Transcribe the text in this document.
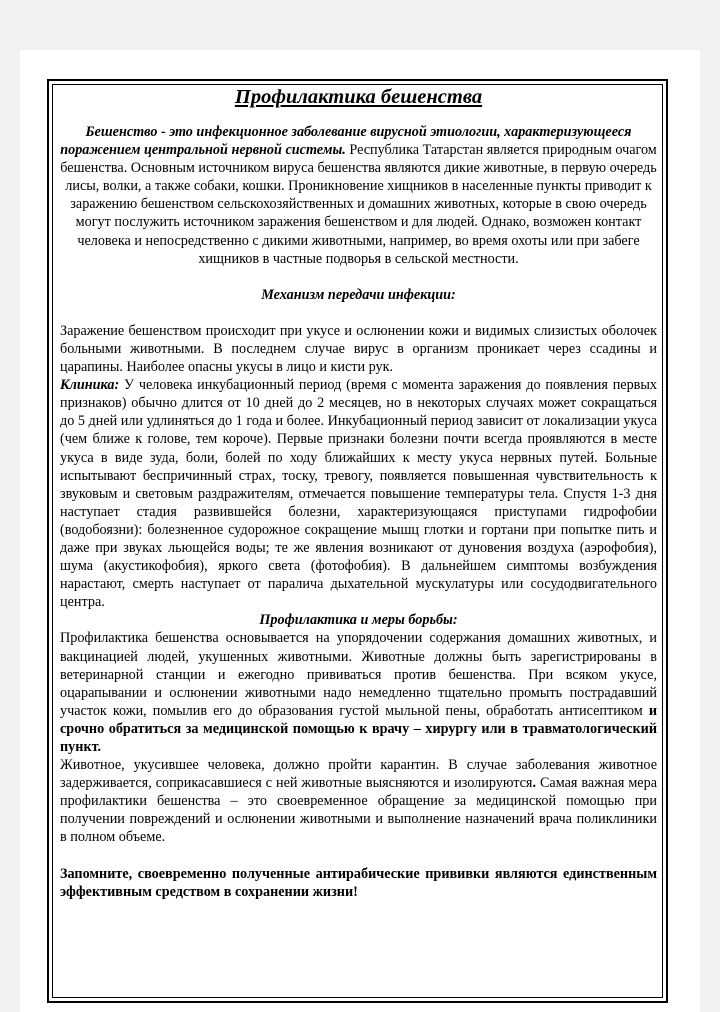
Профилактика бешенства

Бешенство - это инфекционное заболевание вирусной этиологии, характеризующееся поражением центральной нервной системы. Республика Татарстан является природным очагом бешенства. Основным источником вируса бешенства являются дикие животные, в первую очередь лисы, волки, а также собаки, кошки. Проникновение хищников в населенные пункты приводит к заражению бешенством сельскохозяйственных и домашних животных, которые в свою очередь могут послужить источником заражения бешенством и для людей. Однако, возможен контакт человека и непосредственно с дикими животными, например, во время охоты или при забеге хищников в частные подворья в сельской местности.

Механизм передачи инфекции:

Заражение бешенством происходит при укусе и ослюнении кожи и видимых слизистых оболочек больными животными. В последнем случае вирус в организм проникает через ссадины и царапины. Наиболее опасны укусы в лицо и кисти рук.
Клиника: У человека инкубационный период (время с момента заражения до появления первых признаков) обычно длится от 10 дней до 2 месяцев, но в некоторых случаях может сокращаться до 5 дней или удлиняться до 1 года и более. Инкубационный период зависит от локализации укуса (чем ближе к голове, тем короче). Первые признаки болезни почти всегда проявляются в месте укуса в виде зуда, боли, болей по ходу ближайших к месту укуса нервных путей. Больные испытывают беспричинный страх, тоску, тревогу, появляется повышенная чувствительность к звуковым и световым раздражителям, отмечается повышение температуры тела. Спустя 1-3 дня наступает стадия развившейся болезни, характеризующаяся приступами гидрофобии (водобоязни): болезненное судорожное сокращение мышц глотки и гортани при попытке пить и даже при звуках льющейся воды; те же явления возникают от дуновения воздуха (аэрофобия), шума (акустикофобия), яркого света (фотофобия). В дальнейшем симптомы возбуждения нарастают, смерть наступает от паралича дыхательной мускулатуры или сосудодвигательного центра.

Профилактика и меры борьбы:

Профилактика бешенства основывается на упорядочении содержания домашних животных, и вакцинацией людей, укушенных животными. Животные должны быть зарегистрированы в ветеринарной станции и ежегодно прививаться против бешенства. При всяком укусе, оцарапывании и ослюнении животными надо немедленно тщательно промыть пострадавший участок кожи, помылив его до образования густой мыльной пены, обработать антисептиком и срочно обратиться за медицинской помощью к врачу – хирургу или в травматологический пункт.

Животное, укусившее человека, должно пройти карантин. В случае заболевания животное задерживается, соприкасавшиеся с ней животные выясняются и изолируются. Самая важная мера профилактики бешенства – это своевременное обращение за медицинской помощью при получении повреждений и ослюнении животными и выполнение назначений врача поликлиники в полном объеме.

Запомните, своевременно полученные антирабические прививки являются единственным эффективным средством в сохранении жизни!
